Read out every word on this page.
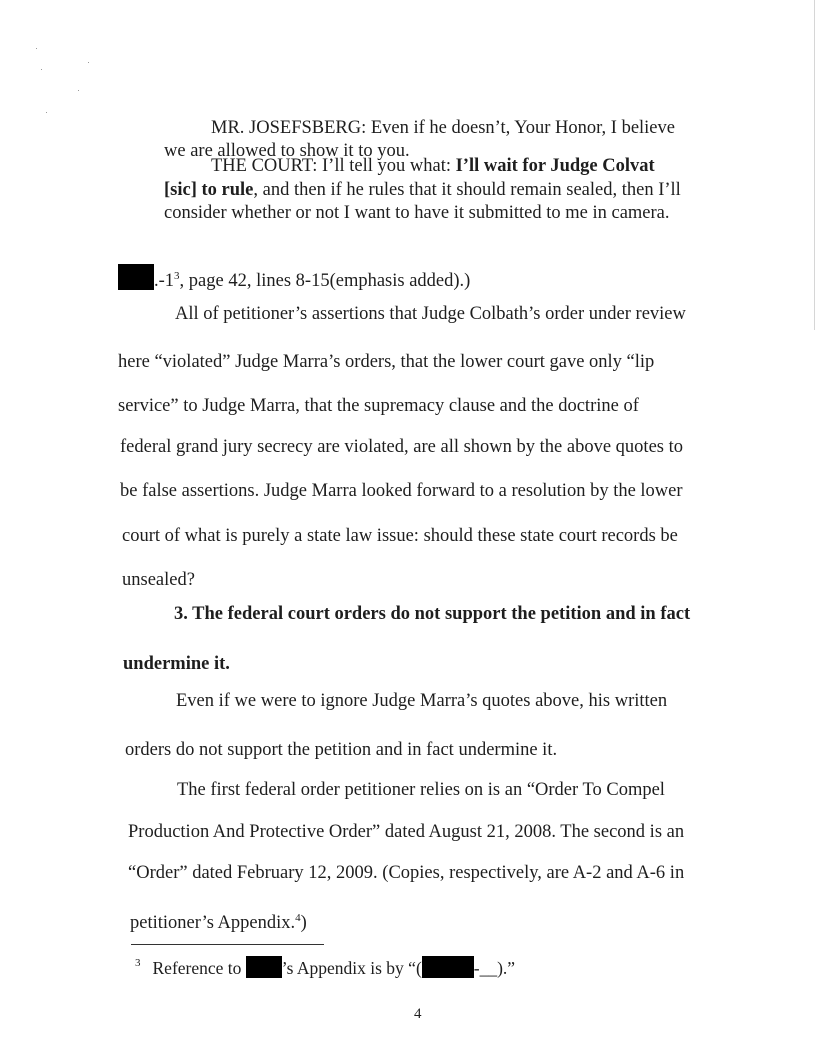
MR. JOSEFSBERG: Even if he doesn’t, Your Honor, I believe
we are allowed to show it to you.
THE COURT: I’ll tell you what: I’ll wait for Judge Colvat
[sic] to rule, and then if he rules that it should remain sealed, then I’ll
consider whether or not I want to have it submitted to me in camera.
$.-1^3$, page 42, lines 8-15(emphasis added).)
All of petitioner’s assertions that Judge Colbath’s order under review
here “violated” Judge Marra’s orders, that the lower court gave only “lip
service” to Judge Marra, that the supremacy clause and the doctrine of
federal grand jury secrecy are violated, are all shown by the above quotes to
be false assertions. Judge Marra looked forward to a resolution by the lower
court of what is purely a state law issue: should these state court records be
unsealed?
3. The federal court orders do not support the petition and in fact
undermine it.
Even if we were to ignore Judge Marra’s quotes above, his written
orders do not support the petition and in fact undermine it.
The first federal order petitioner relies on is an “Order To Compel
Production And Protective Order” dated August 21, 2008. The second is an
“Order” dated February 12, 2009. (Copies, respectively, are A-2 and A-6 in
petitioner’s Appendix.$^4$)
$^3$ Reference to ’s Appendix is by “(	-__).”
4
